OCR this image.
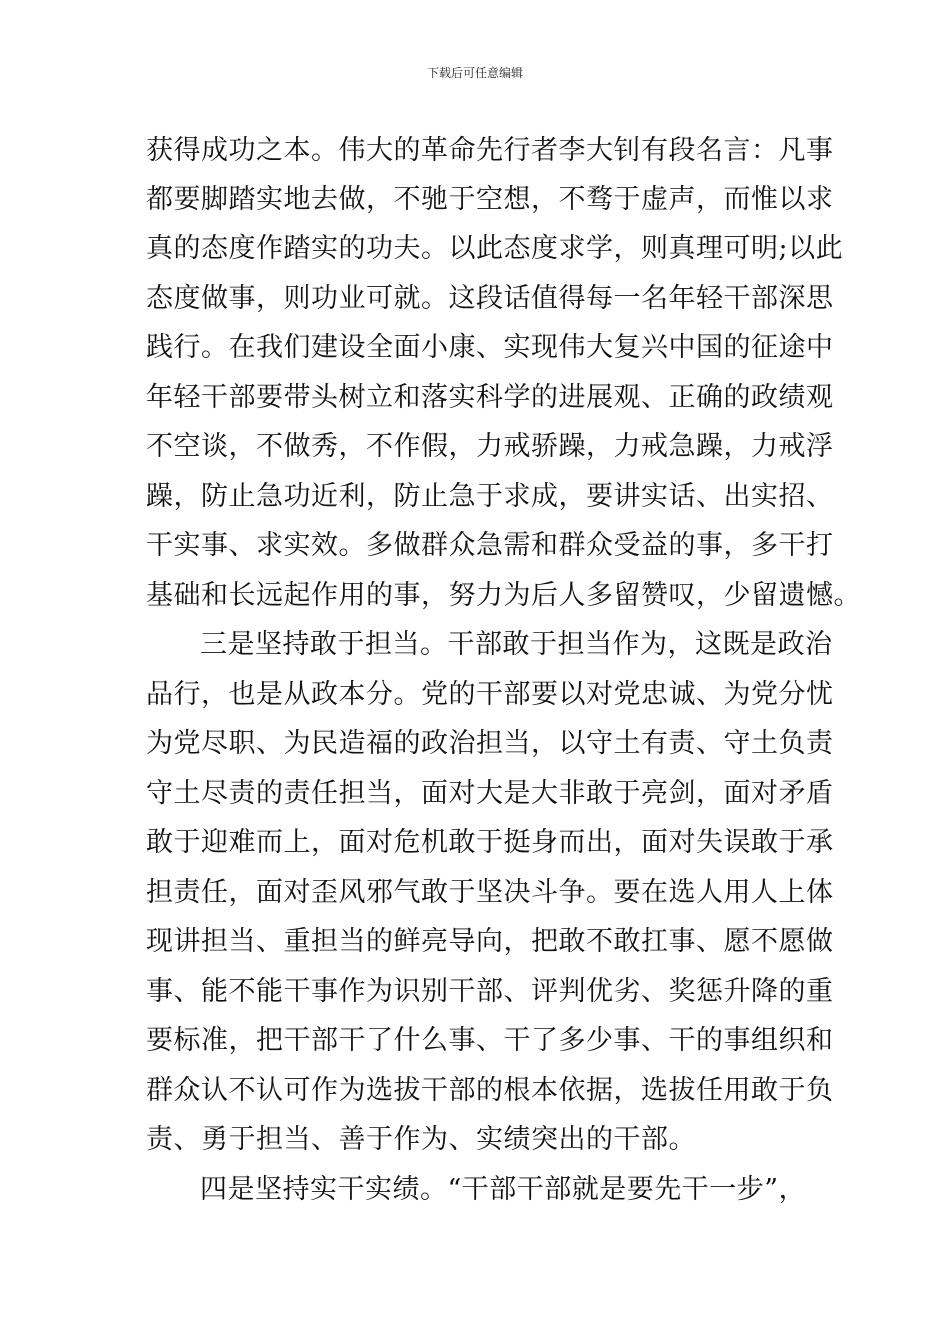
下载后可任意编辑
获得成功之本。伟大的革命先行者李大钊有段名言：凡事
都要脚踏实地去做，不驰于空想，不骛于虚声，而惟以求
真的态度作踏实的功夫。以此态度求学，则真理可明;以此
态度做事，则功业可就。这段话值得每一名年轻干部深思
践行。在我们建设全面小康、实现伟大复兴中国的征途中
年轻干部要带头树立和落实科学的进展观、正确的政绩观
不空谈，不做秀，不作假，力戒骄躁，力戒急躁，力戒浮
躁，防止急功近利，防止急于求成，要讲实话、出实招、
干实事、求实效。多做群众急需和群众受益的事，多干打
基础和长远起作用的事，努力为后人多留赞叹，少留遗憾。
三是坚持敢于担当。干部敢于担当作为，这既是政治
品行，也是从政本分。党的干部要以对党忠诚、为党分忧
为党尽职、为民造福的政治担当，以守土有责、守土负责
守土尽责的责任担当，面对大是大非敢于亮剑，面对矛盾
敢于迎难而上，面对危机敢于挺身而出，面对失误敢于承
担责任，面对歪风邪气敢于坚决斗争。要在选人用人上体
现讲担当、重担当的鲜亮导向，把敢不敢扛事、愿不愿做
事、能不能干事作为识别干部、评判优劣、奖惩升降的重
要标准，把干部干了什么事、干了多少事、干的事组织和
群众认不认可作为选拔干部的根本依据，选拔任用敢于负
责、勇于担当、善于作为、实绩突出的干部。
四是坚持实干实绩。“干部干部就是要先干一步”，
